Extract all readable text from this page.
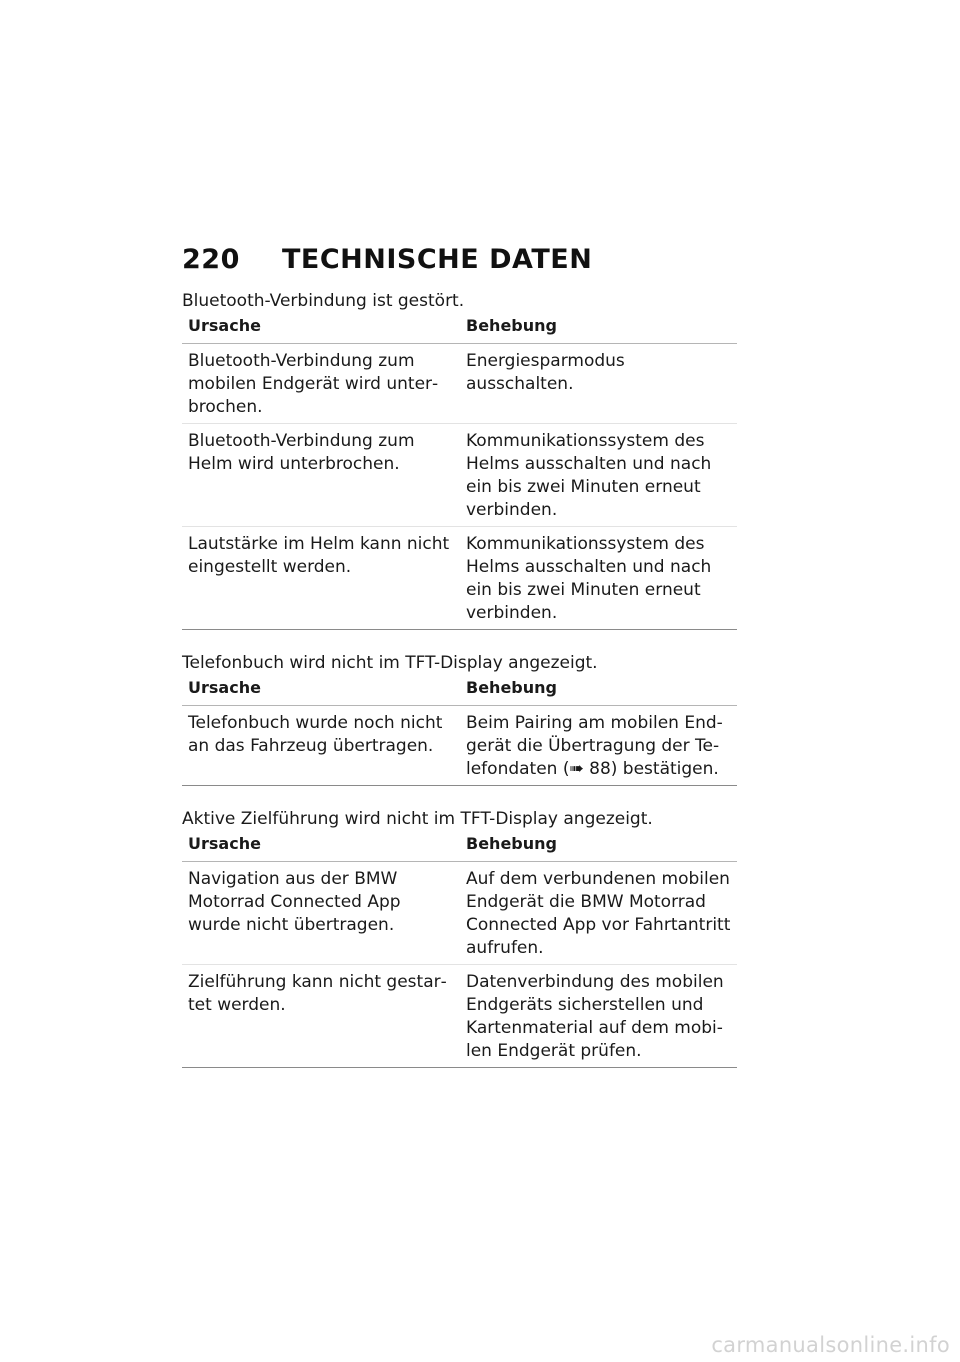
220	TECHNISCHE DATEN

Bluetooth-Verbindung ist gestört.

Ursache	Behebung
Bluetooth-Verbindung zum mobilen Endgerät wird unterbrochen.	Energiesparmodus ausschalten.
Bluetooth-Verbindung zum Helm wird unterbrochen.	Kommunikationssystem des Helms ausschalten und nach ein bis zwei Minuten erneut verbinden.
Lautstärke im Helm kann nicht eingestellt werden.	Kommunikationssystem des Helms ausschalten und nach ein bis zwei Minuten erneut verbinden.

Telefonbuch wird nicht im TFT-Display angezeigt.

Ursache	Behebung
Telefonbuch wurde noch nicht an das Fahrzeug übertragen.	Beim Pairing am mobilen Endgerät die Übertragung der Telefondaten (➠ 88) bestätigen.

Aktive Zielführung wird nicht im TFT-Display angezeigt.

Ursache	Behebung
Navigation aus der BMW Motorrad Connected App wurde nicht übertragen.	Auf dem verbundenen mobilen Endgerät die BMW Motorrad Connected App vor Fahrtantritt aufrufen.
Zielführung kann nicht gestartet werden.	Datenverbindung des mobilen Endgeräts sicherstellen und Kartenmaterial auf dem mobilen Endgerät prüfen.
carmanualsonline.info
